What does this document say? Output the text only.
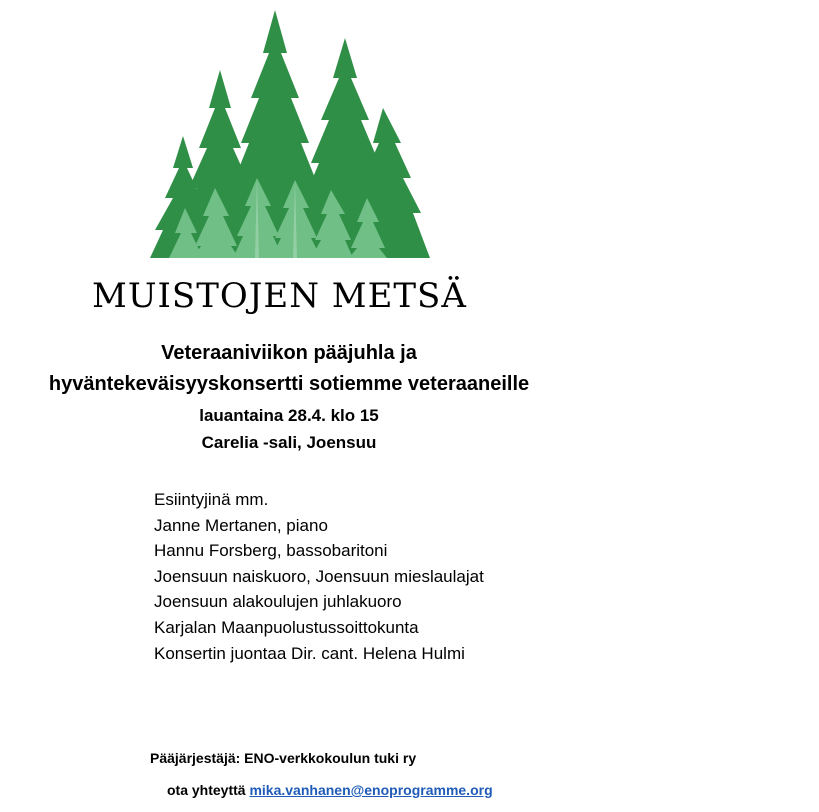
MUISTOJEN METSÄ
Veteraaniviikon pääjuhla ja
hyväntekeväisyyskonsertti sotiemme veteraaneille
lauantaina 28.4. klo 15
Carelia -sali, Joensuu
Esiintyjinä mm.
Janne Mertanen, piano
Hannu Forsberg, bassobaritoni
Joensuun naiskuoro, Joensuun mieslaulajat
Joensuun alakoulujen juhlakuoro
Karjalan Maanpuolustussoittokunta
Konsertin juontaa Dir. cant. Helena Hulmi
Pääjärjestäjä: ENO-verkkokoulun tuki ry
ota yhteyttä mika.vanhanen@enoprogramme.org
